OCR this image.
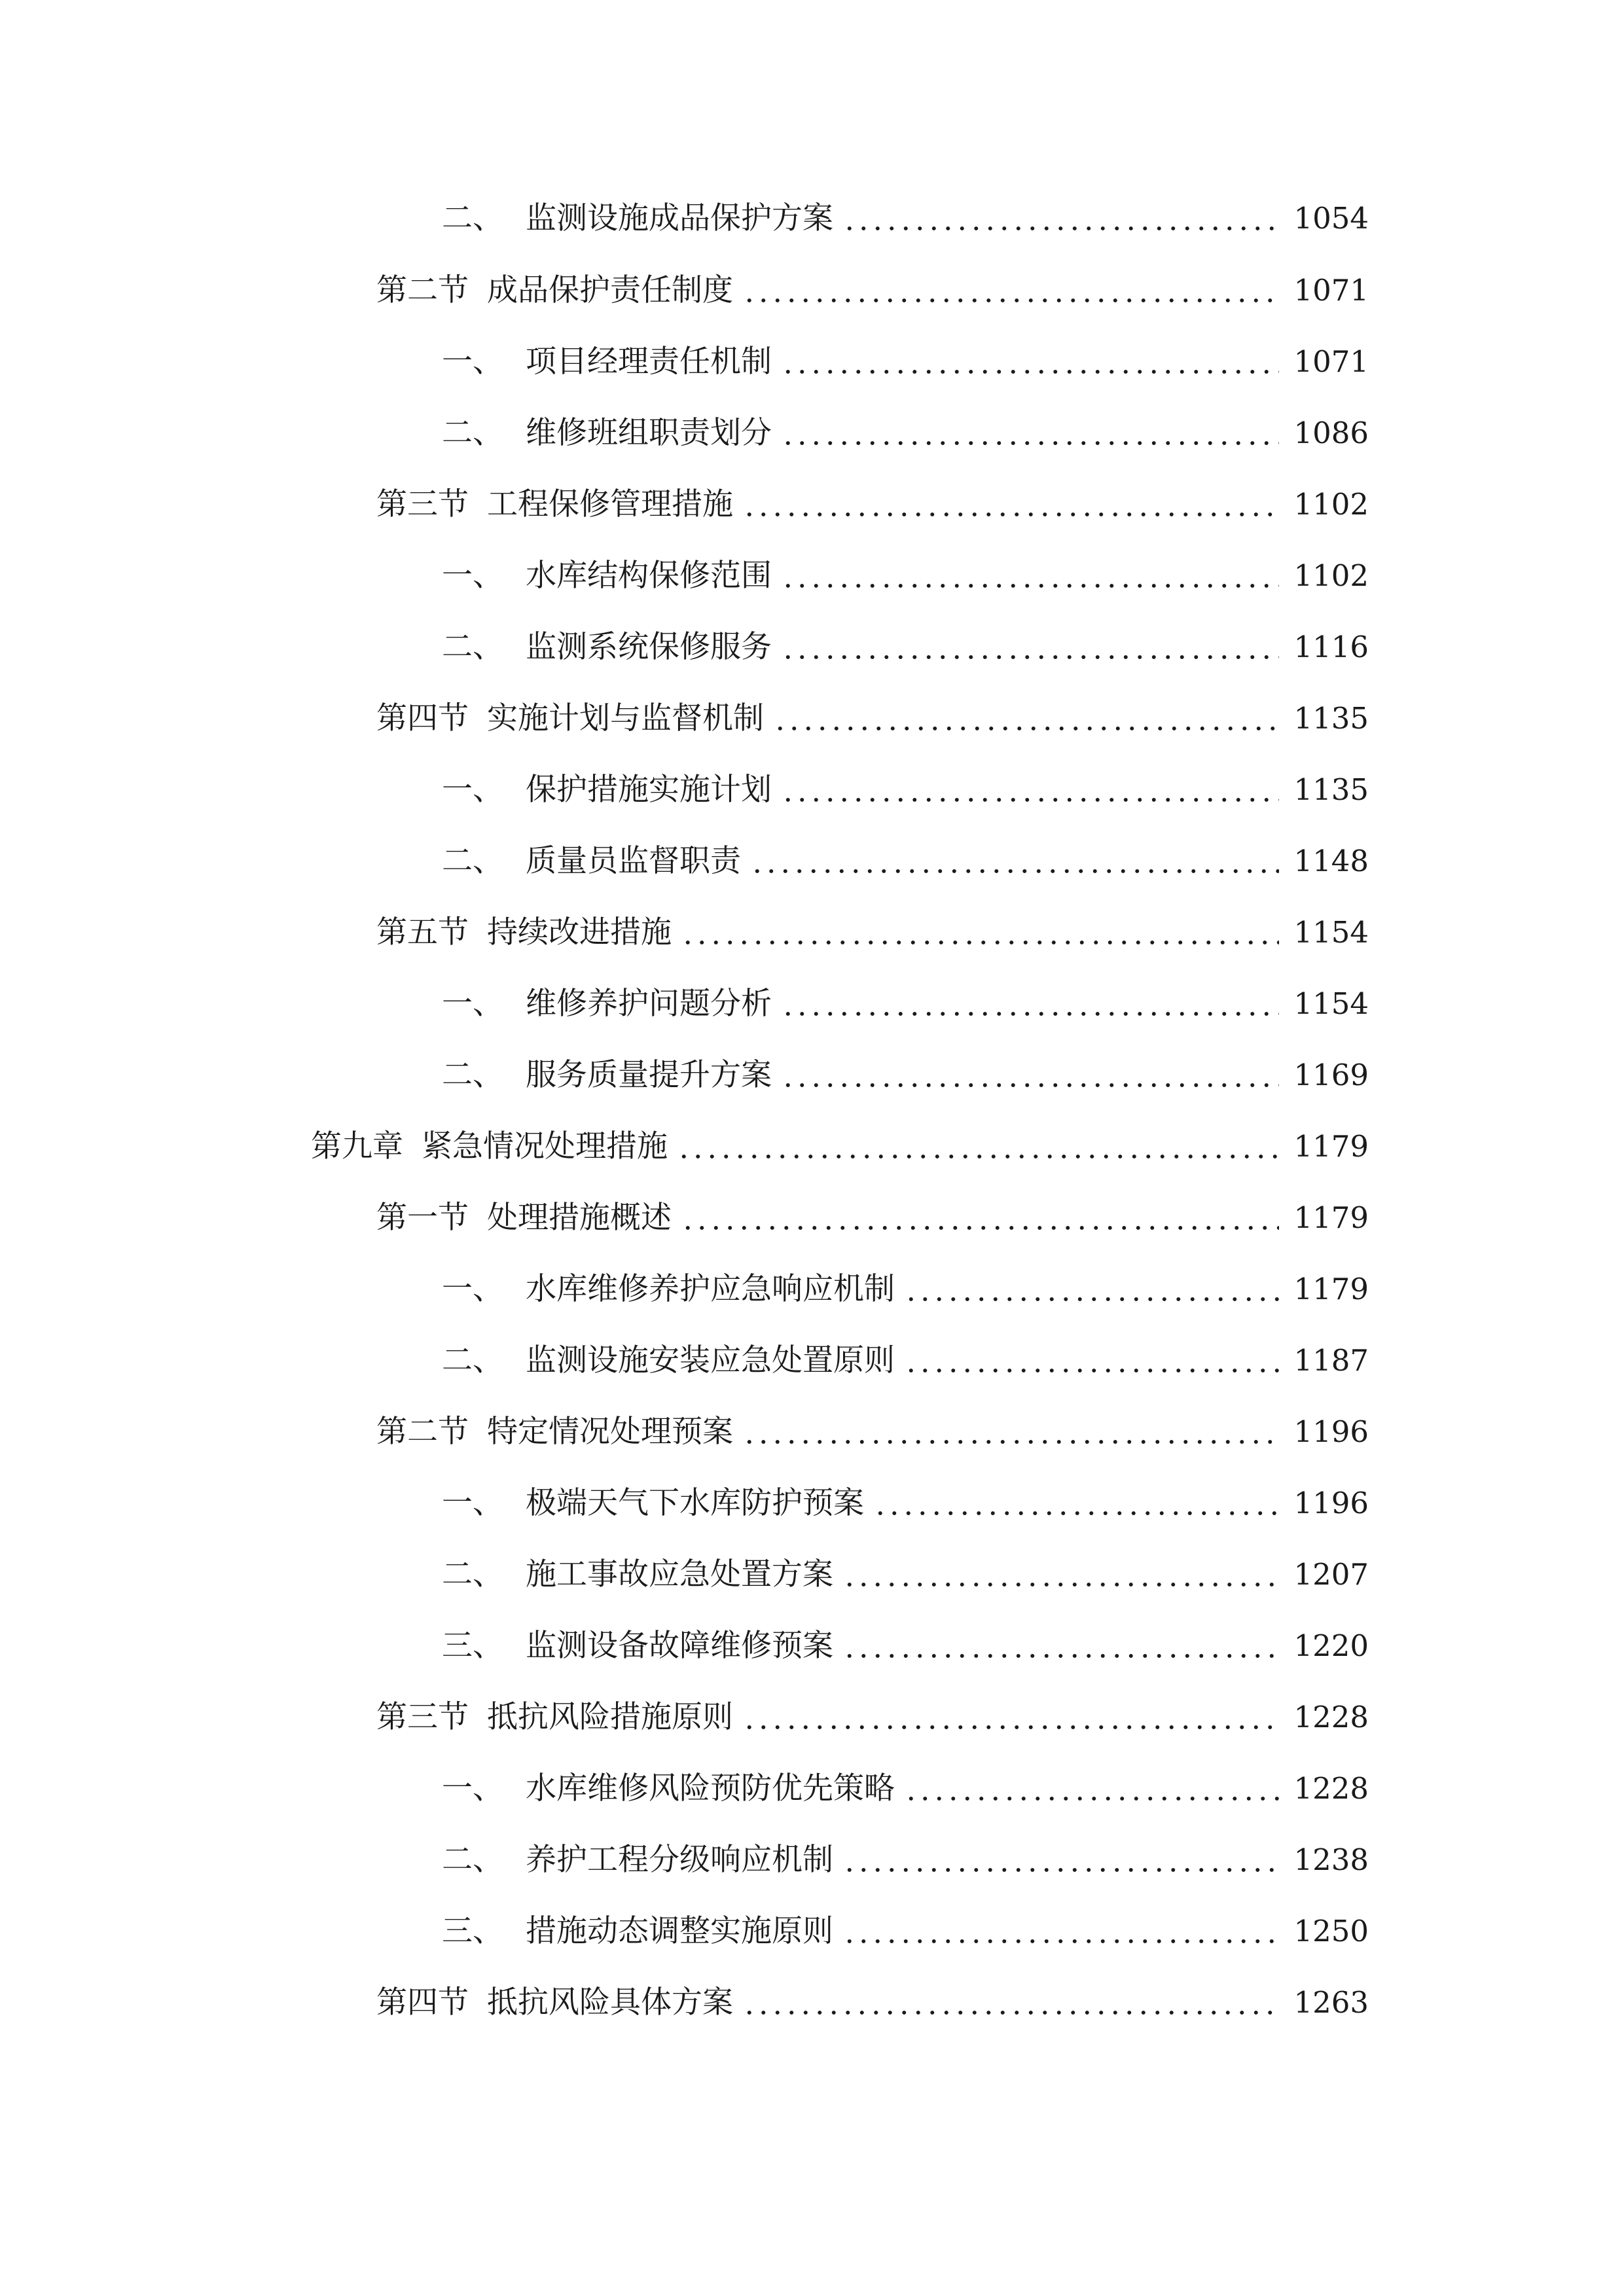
二、 监测设施成品保护方案	1054
第二节 成品保护责任制度	1071
一、 项目经理责任机制	1071
二、 维修班组职责划分	1086
第三节 工程保修管理措施	1102
一、 水库结构保修范围	1102
二、 监测系统保修服务	1116
第四节 实施计划与监督机制	1135
一、 保护措施实施计划	1135
二、 质量员监督职责	1148
第五节 持续改进措施	1154
一、 维修养护问题分析	1154
二、 服务质量提升方案	1169
第九章 紧急情况处理措施	1179
第一节 处理措施概述	1179
一、 水库维修养护应急响应机制	1179
二、 监测设施安装应急处置原则	1187
第二节 特定情况处理预案	1196
一、 极端天气下水库防护预案	1196
二、 施工事故应急处置方案	1207
三、 监测设备故障维修预案	1220
第三节 抵抗风险措施原则	1228
一、 水库维修风险预防优先策略	1228
二、 养护工程分级响应机制	1238
三、 措施动态调整实施原则	1250
第四节 抵抗风险具体方案	1263
